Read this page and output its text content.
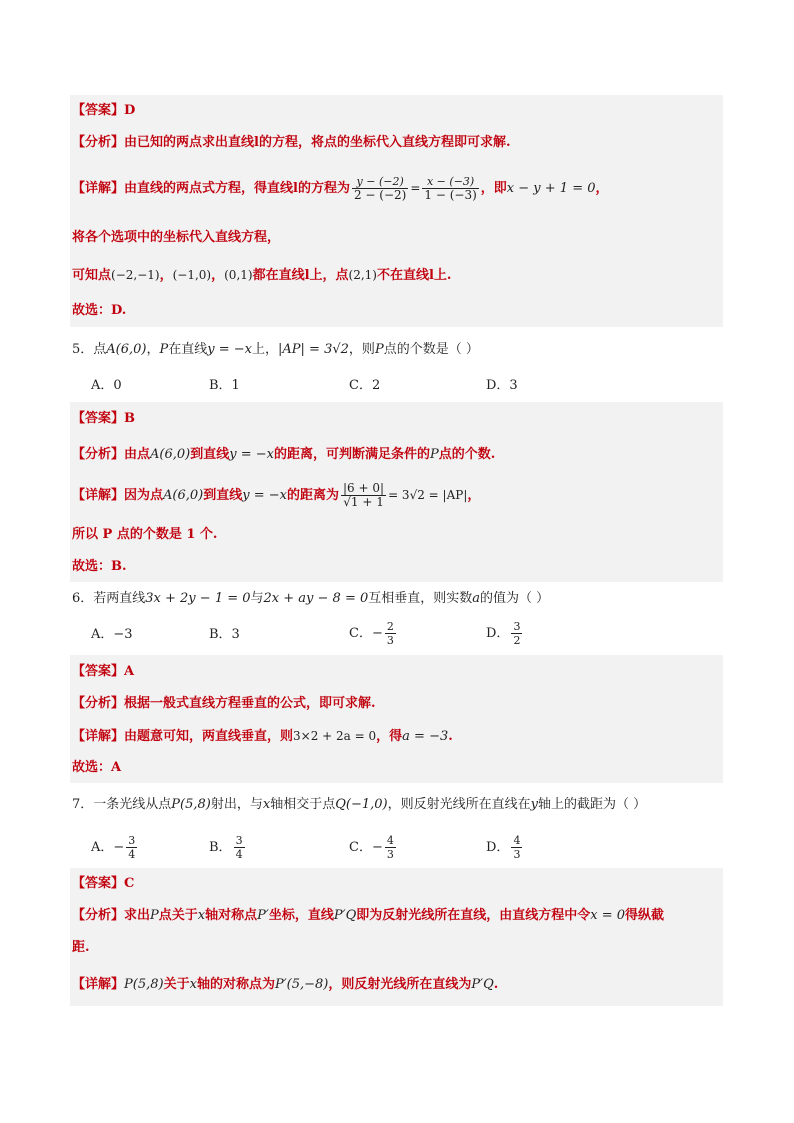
【答案】D
【分析】由已知的两点求出直线l的方程，将点的坐标代入直线方程即可求解.
【详解】由直线的两点式方程，得直线l的方程为 $\frac{y - (-2)}{2 - (-2)} = \frac{x - (-3)}{1 - (-3)}$ ，即x − y + 1 = 0，
将各个选项中的坐标代入直线方程，
可知点(−2,−1)，(−1,0)，(0,1)都在直线l上，点(2,1)不在直线l上.
故选：D.
5．点A(6,0)，P在直线y = −x上，|AP| = 3√2，则P点的个数是（ ）
A．0	B．1	C．2	D．3
【答案】B
【分析】由点A(6,0)到直线y = −x的距离，可判断满足条件的P点的个数.
【详解】因为点A(6,0)到直线y = −x的距离为 $\frac{|6 + 0|}{√1 + 1} = 3√2 = |AP|$，
所以 P 点的个数是 1 个.
故选：B.
6．若两直线3x + 2y − 1 = 0与2x + ay − 8 = 0互相垂直，则实数a的值为（ ）
A．−3	B．3	C．− $\frac{2}{3}$	D． $\frac{3}{2}$
【答案】A
【分析】根据一般式直线方程垂直的公式，即可求解.
【详解】由题意可知，两直线垂直，则3×2 + 2a = 0，得a = −3.
故选：A
7．一条光线从点P(5,8)射出，与x轴相交于点Q(−1,0)，则反射光线所在直线在y轴上的截距为（ ）
A．− $\frac{3}{4}$	B． $\frac{3}{4}$	C．− $\frac{4}{3}$	D． $\frac{4}{3}$
【答案】C
【分析】求出P点关于x轴对称点P′坐标，直线P′Q即为反射光线所在直线，由直线方程中令x = 0得纵截
距.
【详解】P(5,8)关于x轴的对称点为P′(5,−8)，则反射光线所在直线为P′Q.
